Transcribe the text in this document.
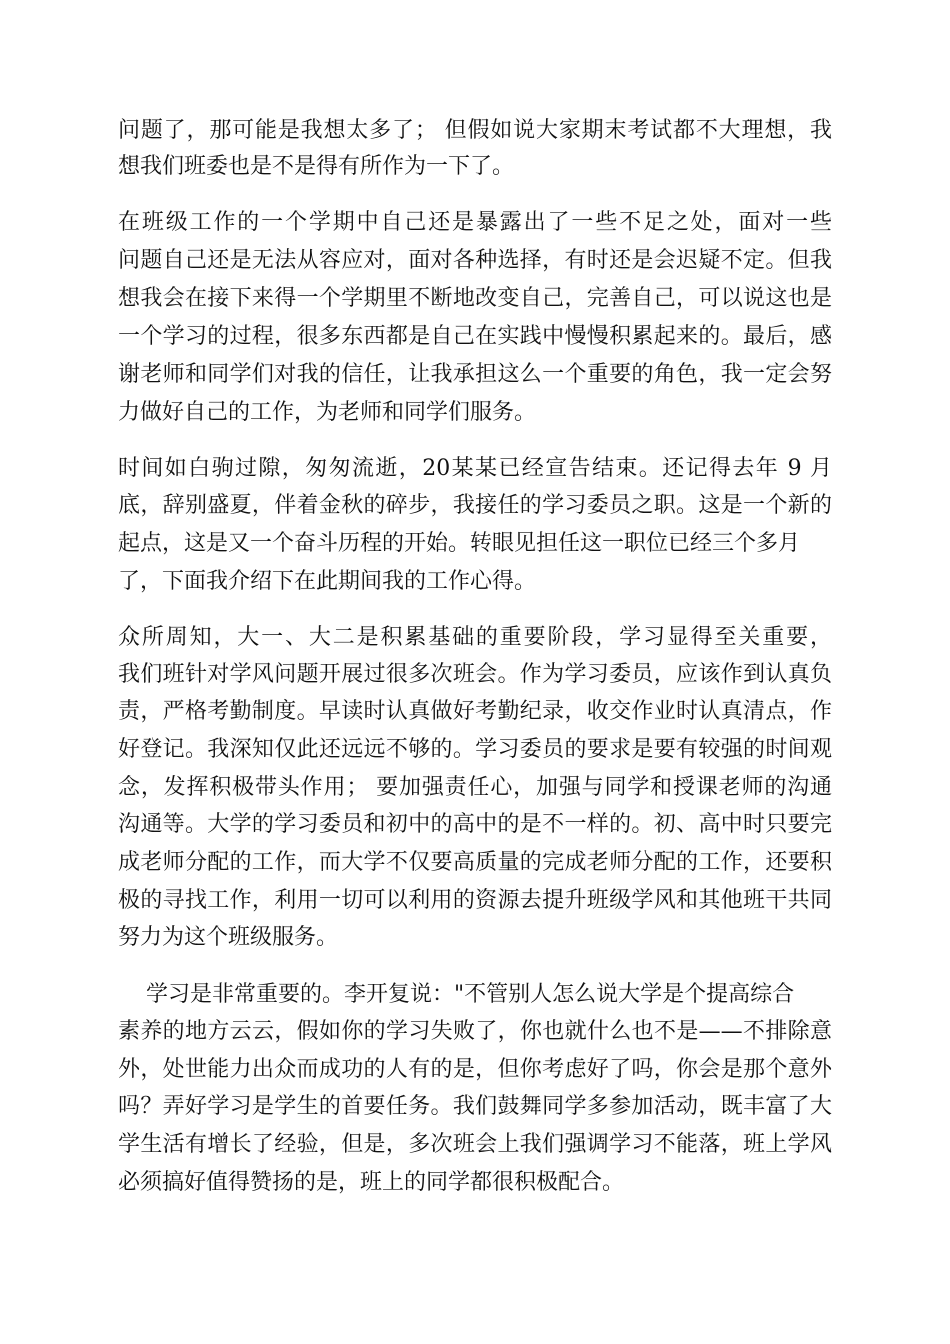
问题了，那可能是我想太多了； 但假如说大家期末考试都不大理想，我
想我们班委也是不是得有所作为一下了。
在班级工作的一个学期中自己还是暴露出了一些不足之处，面对一些
问题自己还是无法从容应对，面对各种选择，有时还是会迟疑不定。但我
想我会在接下来得一个学期里不断地改变自己，完善自己，可以说这也是
一个学习的过程，很多东西都是自己在实践中慢慢积累起来的。最后，感
谢老师和同学们对我的信任，让我承担这么一个重要的角色，我一定会努
力做好自己的工作，为老师和同学们服务。
时间如白驹过隙，匆匆流逝，20某某已经宣告结束。还记得去年 9 月
底，辞别盛夏，伴着金秋的碎步，我接任的学习委员之职。这是一个新的
起点，这是又一个奋斗历程的开始。转眼见担任这一职位已经三个多月
了，下面我介绍下在此期间我的工作心得。
众所周知，大一、大二是积累基础的重要阶段，学习显得至关重要，
我们班针对学风问题开展过很多次班会。作为学习委员，应该作到认真负
责，严格考勤制度。早读时认真做好考勤纪录，收交作业时认真清点，作
好登记。我深知仅此还远远不够的。学习委员的要求是要有较强的时间观
念，发挥积极带头作用； 要加强责任心，加强与同学和授课老师的沟通
沟通等。大学的学习委员和初中的高中的是不一样的。初、高中时只要完
成老师分配的工作，而大学不仅要高质量的完成老师分配的工作，还要积
极的寻找工作，利用一切可以利用的资源去提升班级学风和其他班干共同
努力为这个班级服务。
学习是非常重要的。李开复说："不管别人怎么说大学是个提高综合
素养的地方云云，假如你的学习失败了，你也就什么也不是——不排除意
外，处世能力出众而成功的人有的是，但你考虑好了吗，你会是那个意外
吗？弄好学习是学生的首要任务。我们鼓舞同学多参加活动，既丰富了大
学生活有增长了经验，但是，多次班会上我们强调学习不能落，班上学风
必须搞好值得赞扬的是，班上的同学都很积极配合。
